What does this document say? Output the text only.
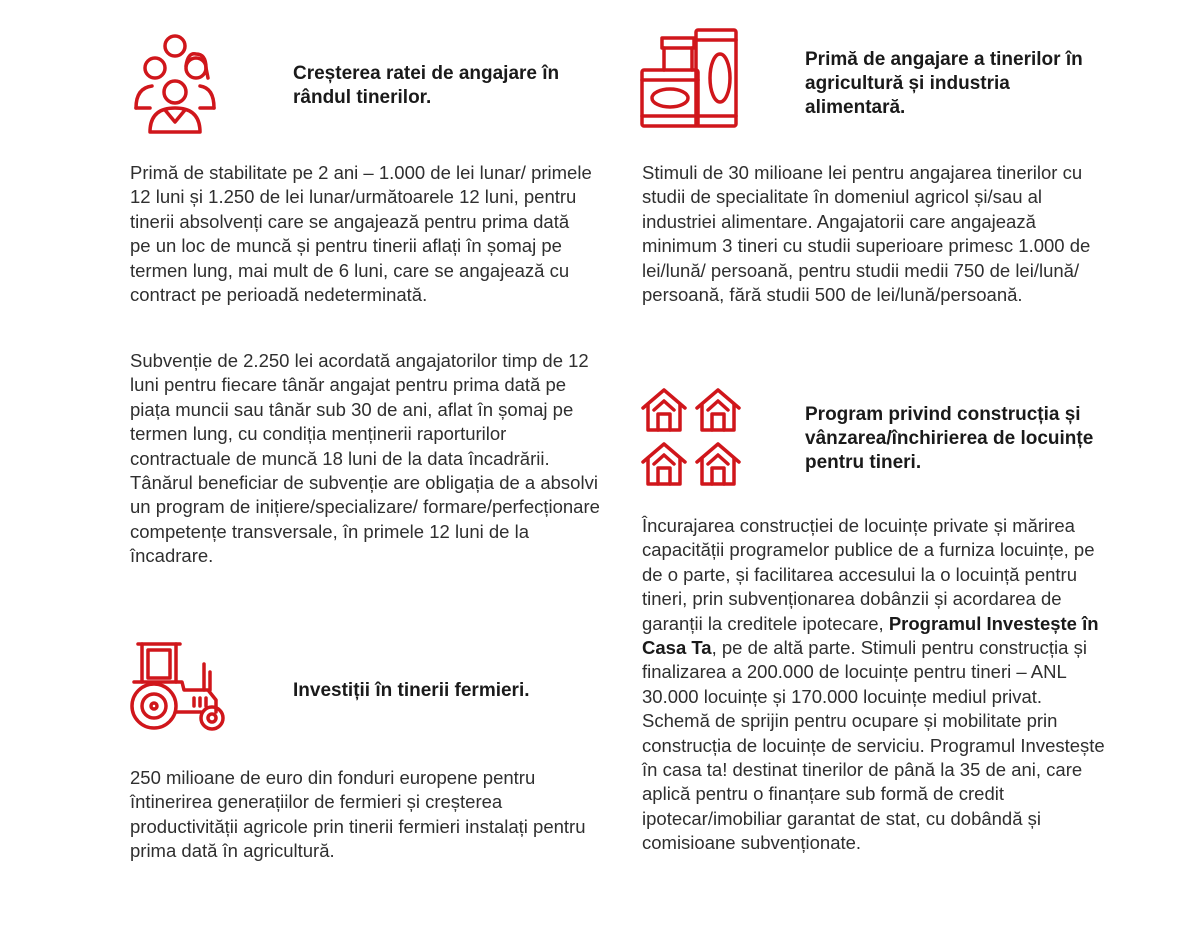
Creșterea ratei de angajare în rândul tinerilor.
Primă de stabilitate pe 2 ani – 1.000 de lei lunar/ primele 12 luni și 1.250 de lei lunar/următoarele 12 luni, pentru tinerii absolvenți care se angajează pentru prima dată pe un loc de muncă și pentru tinerii aflați în șomaj pe termen lung, mai mult de 6 luni, care se angajează cu contract pe perioadă nedeterminată.
Subvenție de 2.250 lei acordată angajatorilor timp de 12 luni pentru fiecare tânăr angajat pentru prima dată pe piața muncii sau tânăr sub 30 de ani, aflat în șomaj pe termen lung, cu condiția menținerii raporturilor contractuale de muncă 18 luni de la data încadrării. Tânărul beneficiar de subvenție are obligația de a absolvi un program de inițiere/specializare/ formare/perfecționare competențe transversale, în primele 12 luni de la încadrare.
Investiții în tinerii fermieri.
250 milioane de euro din fonduri europene pentru întinerirea generațiilor de fermieri și creșterea productivității agricole prin tinerii fermieri instalați pentru prima dată în agricultură.
Primă de angajare a tinerilor în agricultură și industria alimentară.
Stimuli de 30 milioane lei pentru angajarea tinerilor cu studii de specialitate în domeniul agricol și/sau al industriei alimentare. Angajatorii care angajează minimum 3 tineri cu studii superioare primesc 1.000 de lei/lună/ persoană, pentru studii medii 750 de lei/lună/ persoană, fără studii 500 de lei/lună/persoană.
Program privind construcția și vânzarea/închirierea de locuințe pentru tineri.
Încurajarea construcției de locuințe private și mărirea capacității programelor publice de a furniza locuințe, pe de o parte, și facilitarea accesului la o locuință pentru tineri, prin subvenționarea dobânzii și acordarea de garanții la creditele ipotecare, Programul Investește în Casa Ta, pe de altă parte. Stimuli pentru construcția și finalizarea a 200.000 de locuințe pentru tineri – ANL 30.000 locuințe și 170.000 locuințe mediul privat. Schemă de sprijin pentru ocupare și mobilitate prin construcția de locuințe de serviciu. Programul Investește în casa ta! destinat tinerilor de până la 35 de ani, care aplică pentru o finanțare sub formă de credit ipotecar/imobiliar garantat de stat, cu dobândă și comisioane subvenționate.
